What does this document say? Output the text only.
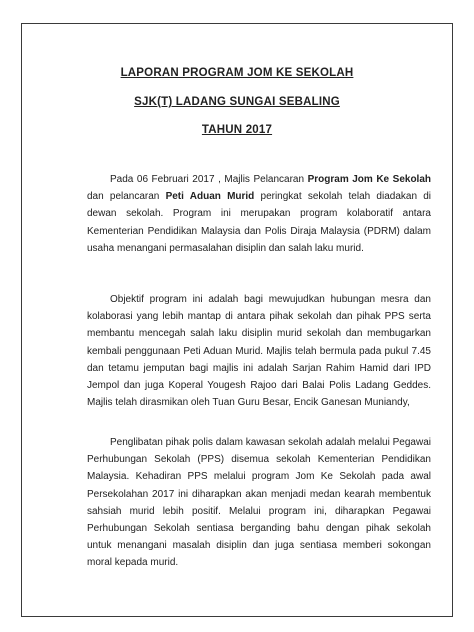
LAPORAN PROGRAM JOM KE SEKOLAH
SJK(T) LADANG SUNGAI SEBALING
TAHUN 2017

Pada 06 Februari 2017 , Majlis Pelancaran Program Jom Ke Sekolah dan pelancaran Peti Aduan Murid peringkat sekolah telah diadakan di dewan sekolah. Program ini merupakan program kolaboratif antara Kementerian Pendidikan Malaysia dan Polis Diraja Malaysia (PDRM) dalam usaha menangani permasalahan disiplin dan salah laku murid.

Objektif program ini adalah bagi mewujudkan hubungan mesra dan kolaborasi yang lebih mantap di antara pihak sekolah dan pihak PPS serta membantu mencegah salah laku disiplin murid sekolah dan membugarkan kembali penggunaan Peti Aduan Murid. Majlis telah bermula pada pukul 7.45 dan tetamu jemputan bagi majlis ini adalah Sarjan Rahim Hamid dari IPD Jempol dan juga Koperal Yougesh Rajoo dari Balai Polis Ladang Geddes. Majlis telah dirasmikan oleh Tuan Guru Besar, Encik Ganesan Muniandy,

Penglibatan pihak polis dalam kawasan sekolah adalah melalui Pegawai Perhubungan Sekolah (PPS) disemua sekolah Kementerian Pendidikan Malaysia. Kehadiran PPS melalui program Jom Ke Sekolah pada awal Persekolahan 2017 ini diharapkan akan menjadi medan kearah membentuk sahsiah murid lebih positif. Melalui program ini, diharapkan Pegawai Perhubungan Sekolah sentiasa berganding bahu dengan pihak sekolah untuk menangani masalah disiplin dan juga sentiasa memberi sokongan moral kepada murid.
